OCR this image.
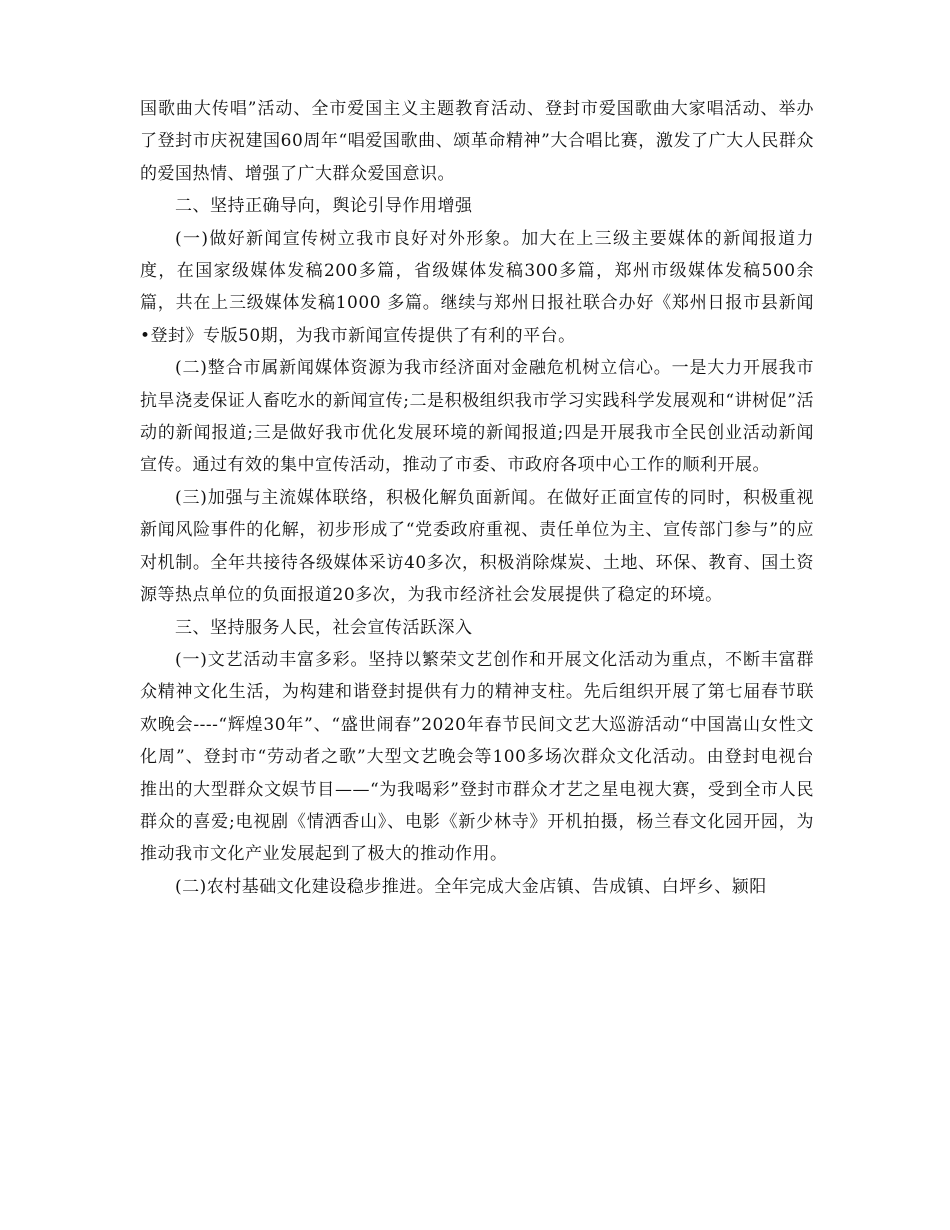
国歌曲大传唱”活动、全市爱国主义主题教育活动、登封市爱国歌曲大家唱活动、举办了登封市庆祝建国60周年“唱爱国歌曲、颂革命精神”大合唱比赛，激发了广大人民群众的爱国热情、增强了广大群众爱国意识。

二、坚持正确导向，舆论引导作用增强

(一)做好新闻宣传树立我市良好对外形象。加大在上三级主要媒体的新闻报道力度，在国家级媒体发稿200多篇，省级媒体发稿300多篇，郑州市级媒体发稿500余篇，共在上三级媒体发稿1000 多篇。继续与郑州日报社联合办好《郑州日报市县新闻•登封》专版50期，为我市新闻宣传提供了有利的平台。

(二)整合市属新闻媒体资源为我市经济面对金融危机树立信心。一是大力开展我市抗旱浇麦保证人畜吃水的新闻宣传;二是积极组织我市学习实践科学发展观和“讲树促”活动的新闻报道;三是做好我市优化发展环境的新闻报道;四是开展我市全民创业活动新闻宣传。通过有效的集中宣传活动，推动了市委、市政府各项中心工作的顺利开展。

(三)加强与主流媒体联络，积极化解负面新闻。在做好正面宣传的同时，积极重视新闻风险事件的化解，初步形成了“党委政府重视、责任单位为主、宣传部门参与”的应对机制。全年共接待各级媒体采访40多次，积极消除煤炭、土地、环保、教育、国土资源等热点单位的负面报道20多次，为我市经济社会发展提供了稳定的环境。

三、坚持服务人民，社会宣传活跃深入

(一)文艺活动丰富多彩。坚持以繁荣文艺创作和开展文化活动为重点，不断丰富群众精神文化生活，为构建和谐登封提供有力的精神支柱。先后组织开展了第七届春节联欢晚会----“辉煌30年”、“盛世闹春”2020年春节民间文艺大巡游活动“中国嵩山女性文化周”、登封市“劳动者之歌”大型文艺晚会等100多场次群众文化活动。由登封电视台推出的大型群众文娱节目——“为我喝彩”登封市群众才艺之星电视大赛，受到全市人民群众的喜爱;电视剧《情洒香山》、电影《新少林寺》开机拍摄，杨兰春文化园开园，为推动我市文化产业发展起到了极大的推动作用。

(二)农村基础文化建设稳步推进。全年完成大金店镇、告成镇、白坪乡、颍阳
